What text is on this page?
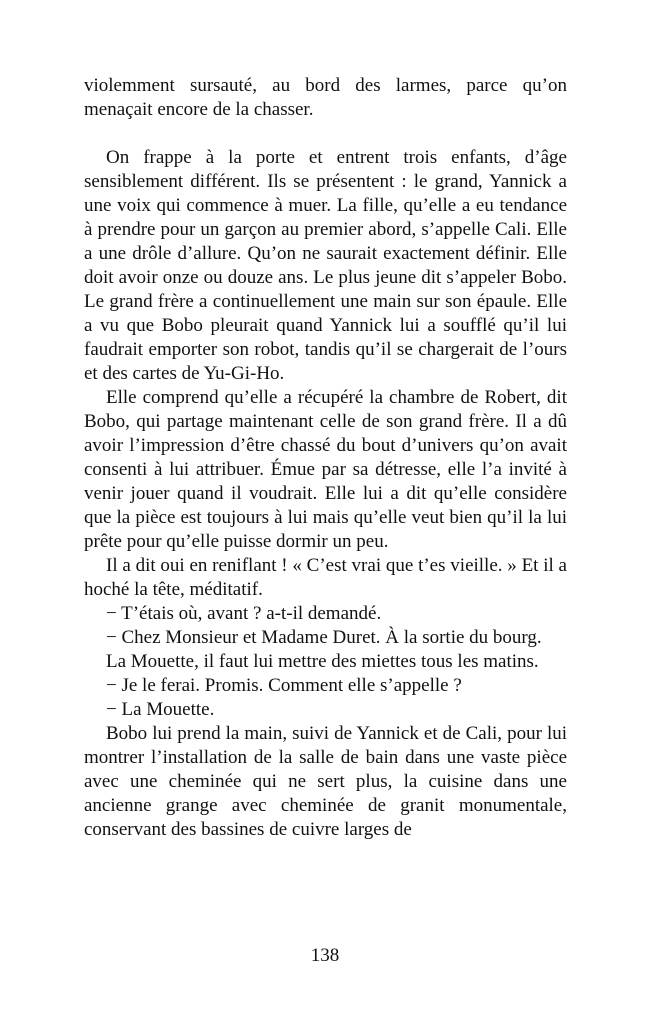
violemment sursauté, au bord des larmes, parce qu’on menaçait encore de la chasser.

On frappe à la porte et entrent trois enfants, d’âge sensiblement différent. Ils se présentent : le grand, Yannick a une voix qui commence à muer. La fille, qu’elle a eu tendance à prendre pour un garçon au premier abord, s’appelle Cali. Elle a une drôle d’allure. Qu’on ne saurait exactement définir. Elle doit avoir onze ou douze ans. Le plus jeune dit s’appeler Bobo. Le grand frère a continuellement une main sur son épaule. Elle a vu que Bobo pleurait quand Yannick lui a soufflé qu’il lui faudrait emporter son robot, tandis qu’il se chargerait de l’ours et des cartes de Yu-Gi-Ho.

Elle comprend qu’elle a récupéré la chambre de Robert, dit Bobo, qui partage maintenant celle de son grand frère. Il a dû avoir l’impression d’être chassé du bout d’univers qu’on avait consenti à lui attribuer. Émue par sa détresse, elle l’a invité à venir jouer quand il voudrait. Elle lui a dit qu’elle considère que la pièce est toujours à lui mais qu’elle veut bien qu’il la lui prête pour qu’elle puisse dormir un peu.

Il a dit oui en reniflant ! « C’est vrai que t’es vieille. » Et il a hoché la tête, méditatif.

− T’étais où, avant ? a-t-il demandé.

− Chez Monsieur et Madame Duret. À la sortie du bourg.

La Mouette, il faut lui mettre des miettes tous les matins.

− Je le ferai. Promis. Comment elle s’appelle ?

− La Mouette.

Bobo lui prend la main, suivi de Yannick et de Cali, pour lui montrer l’installation de la salle de bain dans une vaste pièce avec une cheminée qui ne sert plus, la cuisine dans une ancienne grange avec cheminée de granit monumentale, conservant des bassines de cuivre larges de

138
